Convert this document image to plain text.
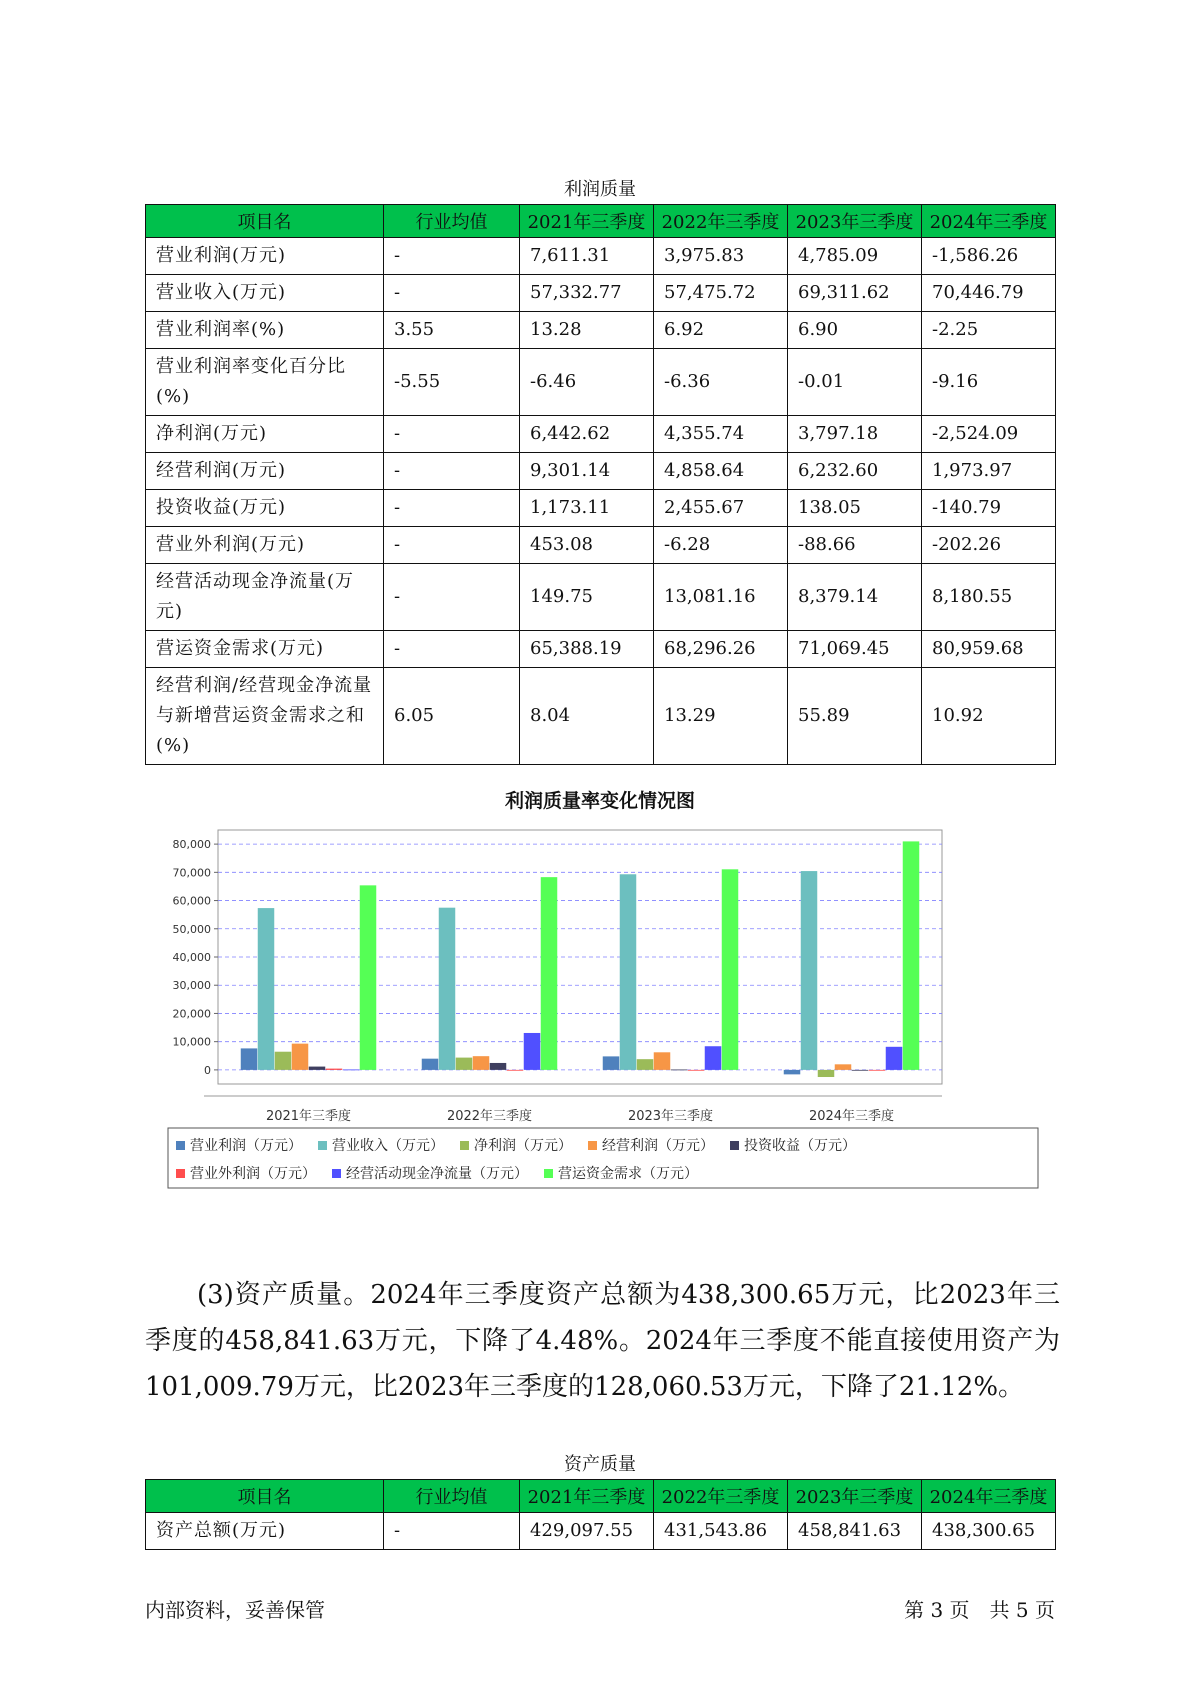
利润质量
项目名	行业均值	2021年三季度	2022年三季度	2023年三季度	2024年三季度
营业利润(万元)	-	7,611.31	3,975.83	4,785.09	-1,586.26
营业收入(万元)	-	57,332.77	57,475.72	69,311.62	70,446.79
营业利润率(%)	3.55	13.28	6.92	6.90	-2.25
营业利润率变化百分比(%)	-5.55	-6.46	-6.36	-0.01	-9.16
净利润(万元)	-	6,442.62	4,355.74	3,797.18	-2,524.09
经营利润(万元)	-	9,301.14	4,858.64	6,232.60	1,973.97
投资收益(万元)	-	1,173.11	2,455.67	138.05	-140.79
营业外利润(万元)	-	453.08	-6.28	-88.66	-202.26
经营活动现金净流量(万元)	-	149.75	13,081.16	8,379.14	8,180.55
营运资金需求(万元)	-	65,388.19	68,296.26	71,069.45	80,959.68
经营利润/经营现金净流量与新增营运资金需求之和(%)	6.05	8.04	13.29	55.89	10.92
利润质量率变化情况图
0
10,000
20,000
30,000
40,000
50,000
60,000
70,000
80,000
2021年三季度	2022年三季度	2023年三季度	2024年三季度
营业利润（万元） 营业收入（万元） 净利润（万元） 经营利润（万元） 投资收益（万元）
营业外利润（万元） 经营活动现金净流量（万元） 营运资金需求（万元）
(3)资产质量。2024年三季度资产总额为438,300.65万元，比2023年三季度的458,841.63万元，下降了4.48%。2024年三季度不能直接使用资产为101,009.79万元，比2023年三季度的128,060.53万元，下降了21.12%。
资产质量
项目名	行业均值	2021年三季度	2022年三季度	2023年三季度	2024年三季度
资产总额(万元)	-	429,097.55	431,543.86	458,841.63	438,300.65
内部资料，妥善保管	第 3 页　共 5 页
